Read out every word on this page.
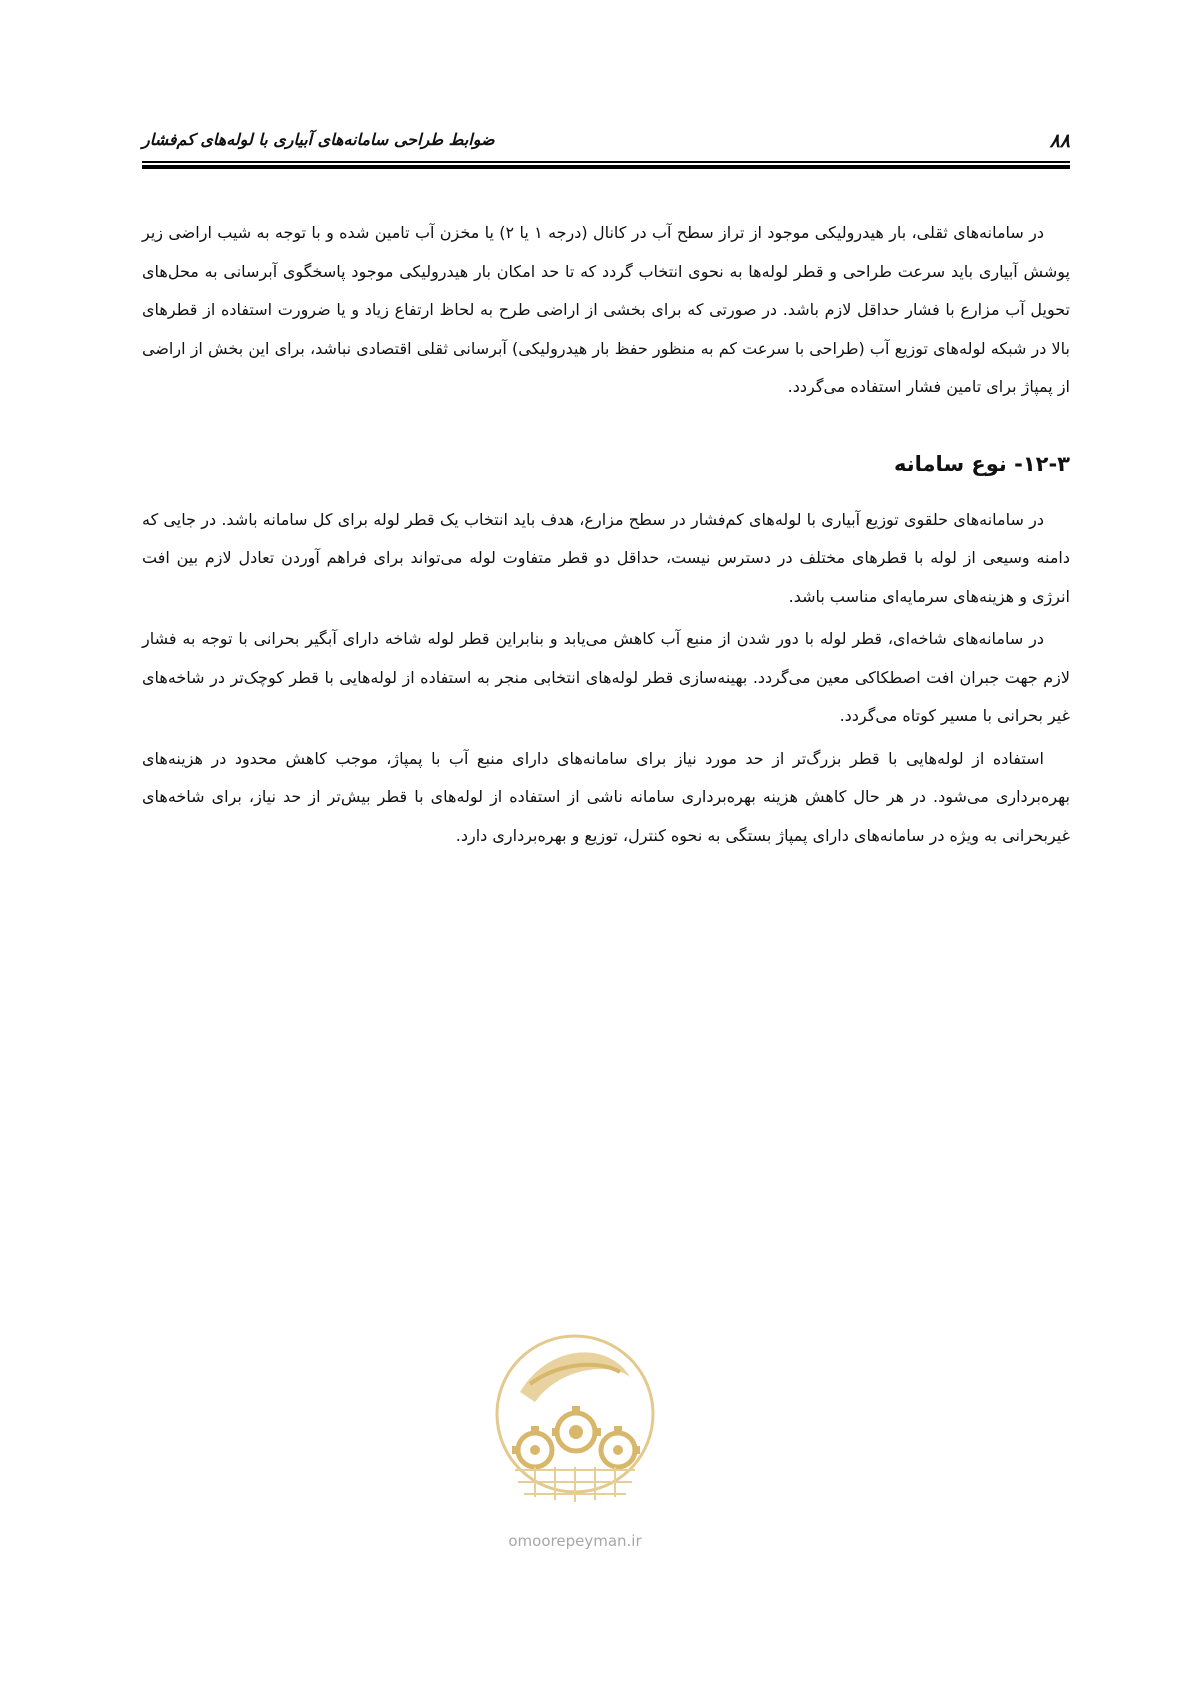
۸۸
ضوابط طراحی سامانه‌های آبیاری با لوله‌های کم‌فشار

در سامانه‌های ثقلی، بار هیدرولیکی موجود از تراز سطح آب در کانال (درجه ۱ یا ۲) یا مخزن آب تامین شده و با توجه به شیب اراضی زیر پوشش آبیاری باید سرعت طراحی و قطر لوله‌ها به نحوی انتخاب گردد که تا حد امکان بار هیدرولیکی موجود پاسخگوی آبرسانی به محل‌های تحویل آب مزارع با فشار حداقل لازم باشد. در صورتی که برای بخشی از اراضی طرح به لحاظ ارتفاع زیاد و یا ضرورت استفاده از قطرهای بالا در شبکه لوله‌های توزیع آب (طراحی با سرعت کم به منظور حفظ بار هیدرولیکی) آبرسانی ثقلی اقتصادی نباشد، برای این بخش از اراضی از پمپاژ برای تامین فشار استفاده می‌گردد.

۱۲-۳- نوع سامانه

در سامانه‌های حلقوی توزیع آبیاری با لوله‌های کم‌فشار در سطح مزارع، هدف باید انتخاب یک قطر لوله برای کل سامانه باشد. در جایی که دامنه وسیعی از لوله با قطرهای مختلف در دسترس نیست، حداقل دو قطر متفاوت لوله می‌تواند برای فراهم آوردن تعادل لازم بین افت انرژی و هزینه‌های سرمایه‌ای مناسب باشد.

در سامانه‌های شاخه‌ای، قطر لوله با دور شدن از منبع آب کاهش می‌یابد و بنابراین قطر لوله شاخه دارای آبگیر بحرانی با توجه به فشار لازم جهت جبران افت اصطکاکی معین می‌گردد. بهینه‌سازی قطر لوله‌های انتخابی منجر به استفاده از لوله‌هایی با قطر کوچک‌تر در شاخه‌های غیر بحرانی با مسیر کوتاه می‌گردد.

استفاده از لوله‌هایی با قطر بزرگ‌تر از حد مورد نیاز برای سامانه‌های دارای منبع آب با پمپاژ، موجب کاهش محدود در هزینه‌های بهره‌برداری می‌شود. در هر حال کاهش هزینه بهره‌برداری سامانه ناشی از استفاده از لوله‌های با قطر بیش‌تر از حد نیاز، برای شاخه‌های غیربحرانی به ویژه در سامانه‌های دارای پمپاژ بستگی به نحوه کنترل، توزیع و بهره‌برداری دارد.

omoorepeyman.ir
